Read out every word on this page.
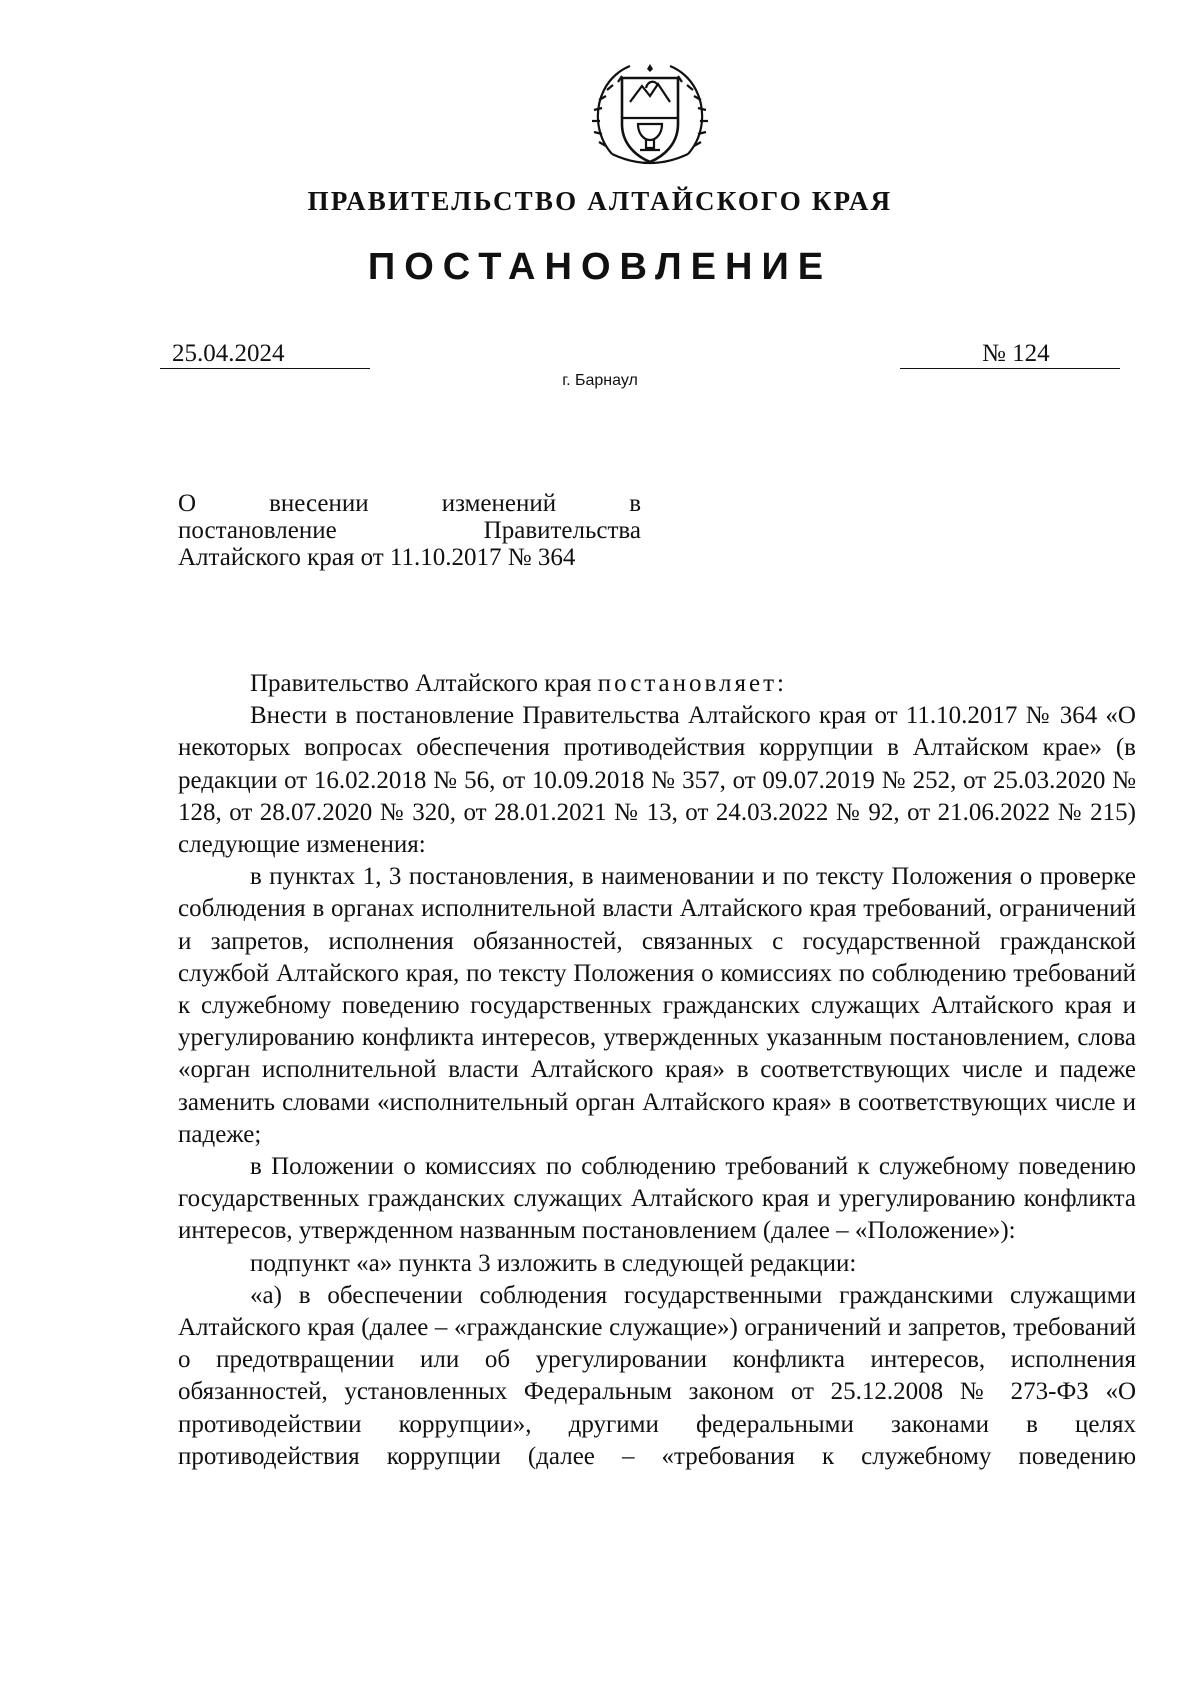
ПРАВИТЕЛЬСТВО АЛТАЙСКОГО КРАЯ
ПОСТАНОВЛЕНИЕ
25.04.2024	№ 124
г. Барнаул
О внесении изменений в
постановление Правительства
Алтайского края от 11.10.2017 № 364

Правительство Алтайского края постановляет:

Внести в постановление Правительства Алтайского края от 11.10.2017 № 364 «О некоторых вопросах обеспечения противодействия коррупции в Алтайском крае» (в редакции от 16.02.2018 № 56, от 10.09.2018 № 357, от 09.07.2019 № 252, от 25.03.2020 № 128, от 28.07.2020 № 320, от 28.01.2021 № 13, от 24.03.2022 № 92, от 21.06.2022 № 215) следующие изменения:

в пунктах 1, 3 постановления, в наименовании и по тексту Положения о проверке соблюдения в органах исполнительной власти Алтайского края требований, ограничений и запретов, исполнения обязанностей, связанных с государственной гражданской службой Алтайского края, по тексту Положения о комиссиях по соблюдению требований к служебному поведению государственных гражданских служащих Алтайского края и урегулированию конфликта интересов, утвержденных указанным постановлением, слова «орган исполнительной власти Алтайского края» в соответствующих числе и падеже заменить словами «исполнительный орган Алтайского края» в соответствующих числе и падеже;

в Положении о комиссиях по соблюдению требований к служебному поведению государственных гражданских служащих Алтайского края и урегулированию конфликта интересов, утвержденном названным постановлением (далее – «Положение»):

подпункт «а» пункта 3 изложить в следующей редакции:

«а) в обеспечении соблюдения государственными гражданскими служащими Алтайского края (далее – «гражданские служащие») ограничений и запретов, требований о предотвращении или об урегулировании конфликта интересов, исполнения обязанностей, установленных Федеральным законом от 25.12.2008 № 273-ФЗ «О противодействии коррупции», другими федеральными законами в целях противодействия коррупции (далее – «требования к служебному поведению
